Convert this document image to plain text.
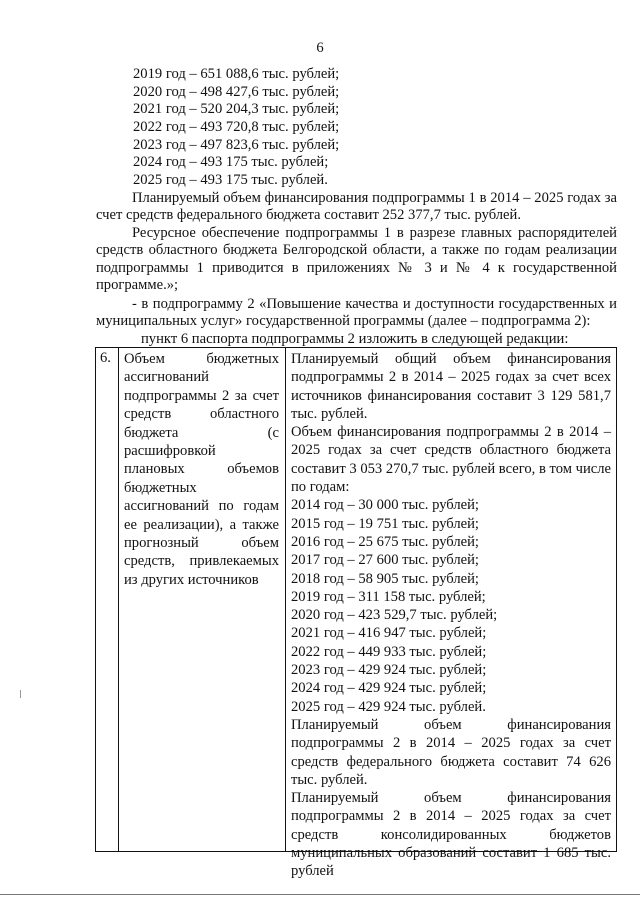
6
2019 год – 651 088,6 тыс. рублей;
2020 год – 498 427,6 тыс. рублей;
2021 год – 520 204,3 тыс. рублей;
2022 год – 493 720,8 тыс. рублей;
2023 год – 497 823,6 тыс. рублей;
2024 год – 493 175 тыс. рублей;
2025 год – 493 175 тыс. рублей.
Планируемый объем финансирования подпрограммы 1 в 2014 – 2025 годах за счет средств федерального бюджета составит 252 377,7 тыс. рублей.
Ресурсное обеспечение подпрограммы 1 в разрезе главных распорядителей средств областного бюджета Белгородской области, а также по годам реализации подпрограммы 1 приводится в приложениях № 3 и № 4 к государственной программе.»;
- в подпрограмму 2 «Повышение качества и доступности государственных и муниципальных услуг» государственной программы (далее – подпрограмма 2):
пункт 6 паспорта подпрограммы 2 изложить в следующей редакции:
6. Объем бюджетных ассигнований подпрограммы 2 за счет средств областного бюджета (с расшифровкой плановых объемов бюджетных ассигнований по годам ее реализации), а также прогнозный объем средств, привлекаемых из других источников
Планируемый общий объем финансирования подпрограммы 2 в 2014 – 2025 годах за счет всех источников финансирования составит 3 129 581,7 тыс. рублей.
Объем финансирования подпрограммы 2 в 2014 – 2025 годах за счет средств областного бюджета составит 3 053 270,7 тыс. рублей всего, в том числе по годам:
2014 год – 30 000 тыс. рублей;
2015 год – 19 751 тыс. рублей;
2016 год – 25 675 тыс. рублей;
2017 год – 27 600 тыс. рублей;
2018 год – 58 905 тыс. рублей;
2019 год – 311 158 тыс. рублей;
2020 год – 423 529,7 тыс. рублей;
2021 год – 416 947 тыс. рублей;
2022 год – 449 933 тыс. рублей;
2023 год – 429 924 тыс. рублей;
2024 год – 429 924 тыс. рублей;
2025 год – 429 924 тыс. рублей.
Планируемый объем финансирования подпрограммы 2 в 2014 – 2025 годах за счет средств федерального бюджета составит 74 626 тыс. рублей.
Планируемый объем финансирования подпрограммы 2 в 2014 – 2025 годах за счет средств консолидированных бюджетов муниципальных образований составит 1 685 тыс. рублей
